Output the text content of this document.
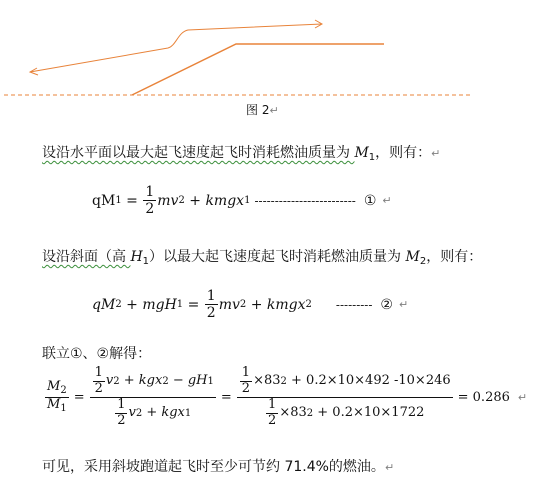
图 2↵
设沿水平面以最大起飞速度起飞时消耗燃油质量为 $M_1$，则有：↵
q M $1 = \frac{1}{2}$ mv 2 + kmgx 1 ------------------------- ① ↵
设沿斜面（高 $H_1$）以最大起飞速度起飞时消耗燃油质量为 $M_2$，则有：
q M 2 + mgH $1 = \frac{1}{2}$ mv 2 + kmgx 2 --------- ② ↵
联立①、②解得：
$\frac{M_2}{M_1} = \frac{\frac{1}{2} v 2 + kgx 2 - gH 1}{\frac{1}{2} v 2 + kgx 1} = \frac{\frac{1}{2} \times 83 2 + 0.2\times 10\times 492 -10\times 246}{\frac{1}{2} \times 83 2 + 0.2\times 10\times 1722} = 0.286$ ↵
可见，采用斜坡跑道起飞时至少可节约 71.4%的燃油。↵
